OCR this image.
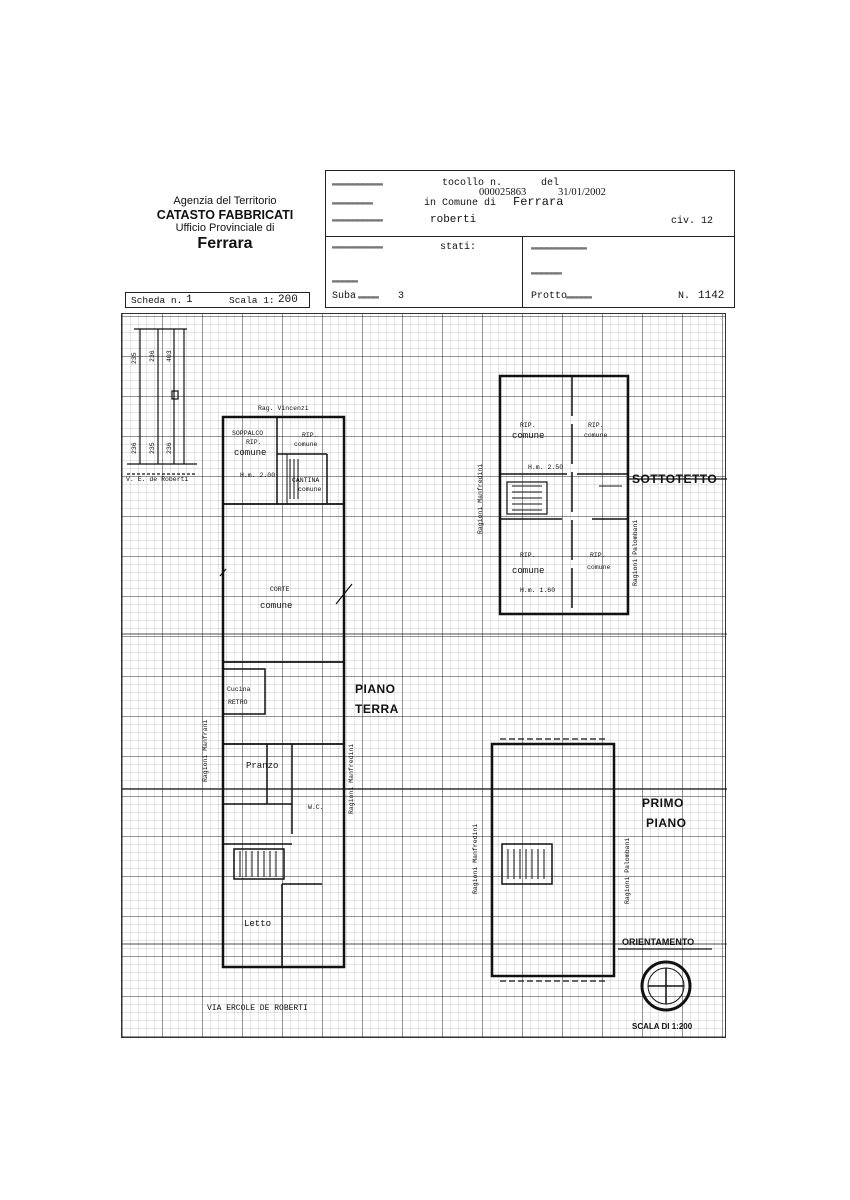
Agenzia del Territorio
CATASTO FABBRICATI
Ufficio Provinciale di
Ferrara
▬▬▬▬▬▬▬▬▬▬	tocollo n.
000025863
del
31/01/2002
▬▬▬▬▬▬▬▬	in Comune di Ferrara
▬▬▬▬▬▬▬▬▬▬	roberti	civ. 12
▬▬▬▬▬▬▬▬▬▬	stati:
▬▬▬▬▬
Suba ▬▬▬▬ 3
▬▬▬▬▬▬▬▬▬▬▬
▬▬▬▬▬▬
Protto
▬▬▬▬▬	N. 1142
Scheda n. 1	Scala 1: 200
235 236 403
236 235 236
V. E. de Roberti
Rag. Vincenzi
SOPPALCO
RIP.
comune
H.m. 2.00
RIP.
comune
CANTINA
comune
CORTE
comune
Cucina
RETRO
Pranzo
W.C.
Letto
PIANO
TERRA
Ragioni Manfrani	Ragioni Manfredini
VIA ERCOLE DE ROBERTI
SOTTOTETTO
RIP.
comune
H.m. 2.50
RIP.
comune
RIP.
comune
H.m. 1.60
RIP.
comune
Ragioni Manfredini
Ragioni Palombani
PRIMO
PIANO
Ragioni Manfredini	Ragioni Palombani
ORIENTAMENTO
SCALA DI 1:200
